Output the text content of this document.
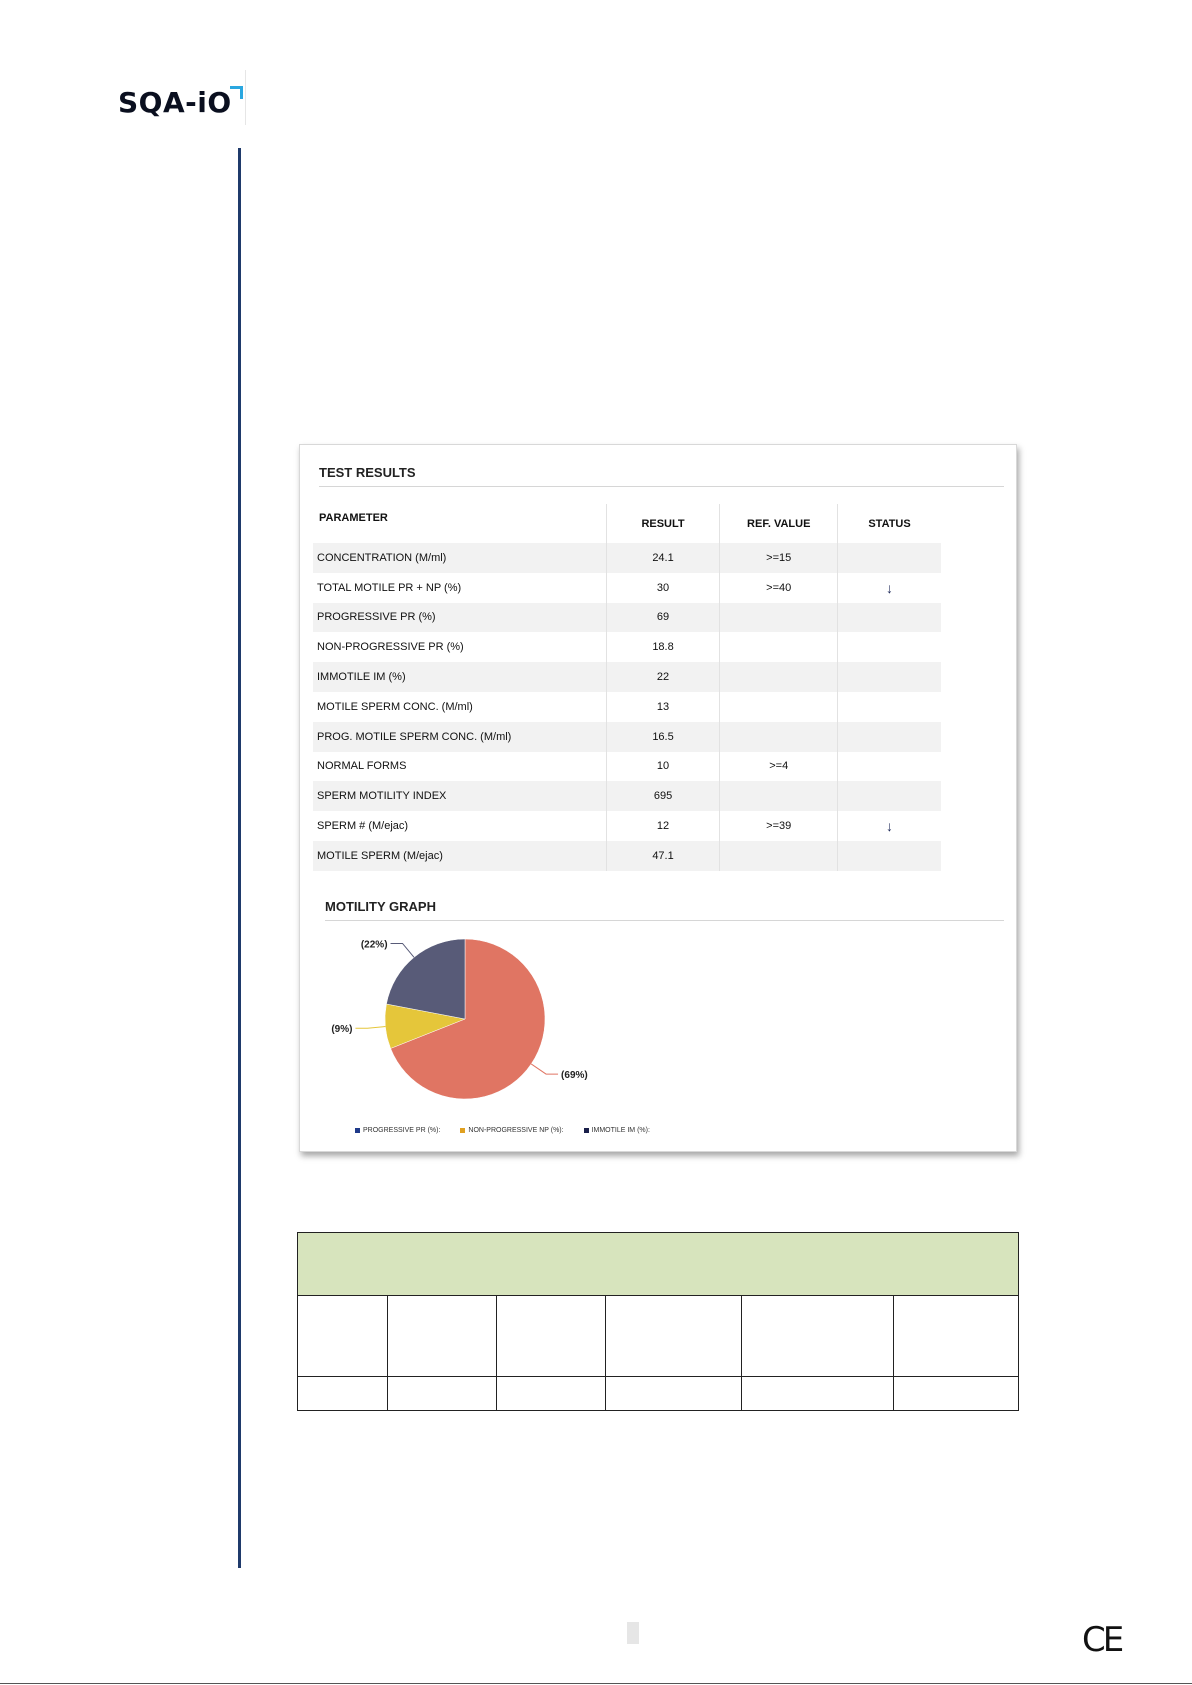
SQA-iO
TEST RESULTS
PARAMETER	RESULT	REF. VALUE	STATUS
CONCENTRATION (M/ml)	24.1	>=15	
TOTAL MOTILE PR + NP (%)	30	>=40	↓
PROGRESSIVE PR (%)	69		
NON-PROGRESSIVE PR (%)	18.8		
IMMOTILE IM (%)	22		
MOTILE SPERM CONC. (M/ml)	13		
PROG. MOTILE SPERM CONC. (M/ml)	16.5		
NORMAL FORMS	10	>=4	
SPERM MOTILITY INDEX	695		
SPERM # (M/ejac)	12	>=39	↓
MOTILE SPERM (M/ejac)	47.1		
MOTILITY GRAPH
(69%)
(9%)
(22%)
PROGRESSIVE PR (%):	NON-PROGRESSIVE NP (%):	IMMOTILE IM (%):

CE
